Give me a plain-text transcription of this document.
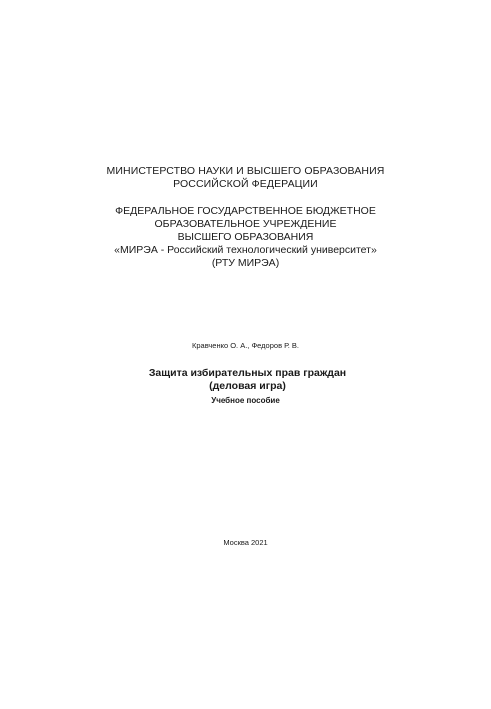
МИНИСТЕРСТВО НАУКИ И ВЫСШЕГО ОБРАЗОВАНИЯ
РОССИЙСКОЙ ФЕДЕРАЦИИ
ФЕДЕРАЛЬНОЕ ГОСУДАРСТВЕННОЕ БЮДЖЕТНОЕ
ОБРАЗОВАТЕЛЬНОЕ УЧРЕЖДЕНИЕ
ВЫСШЕГО ОБРАЗОВАНИЯ
«МИРЭА - Российский технологический университет»
(РТУ МИРЭА)
Кравченко О. А., Федоров Р. В.
Защита избирательных прав граждан (деловая игра)
Учебное пособие
Москва 2021
